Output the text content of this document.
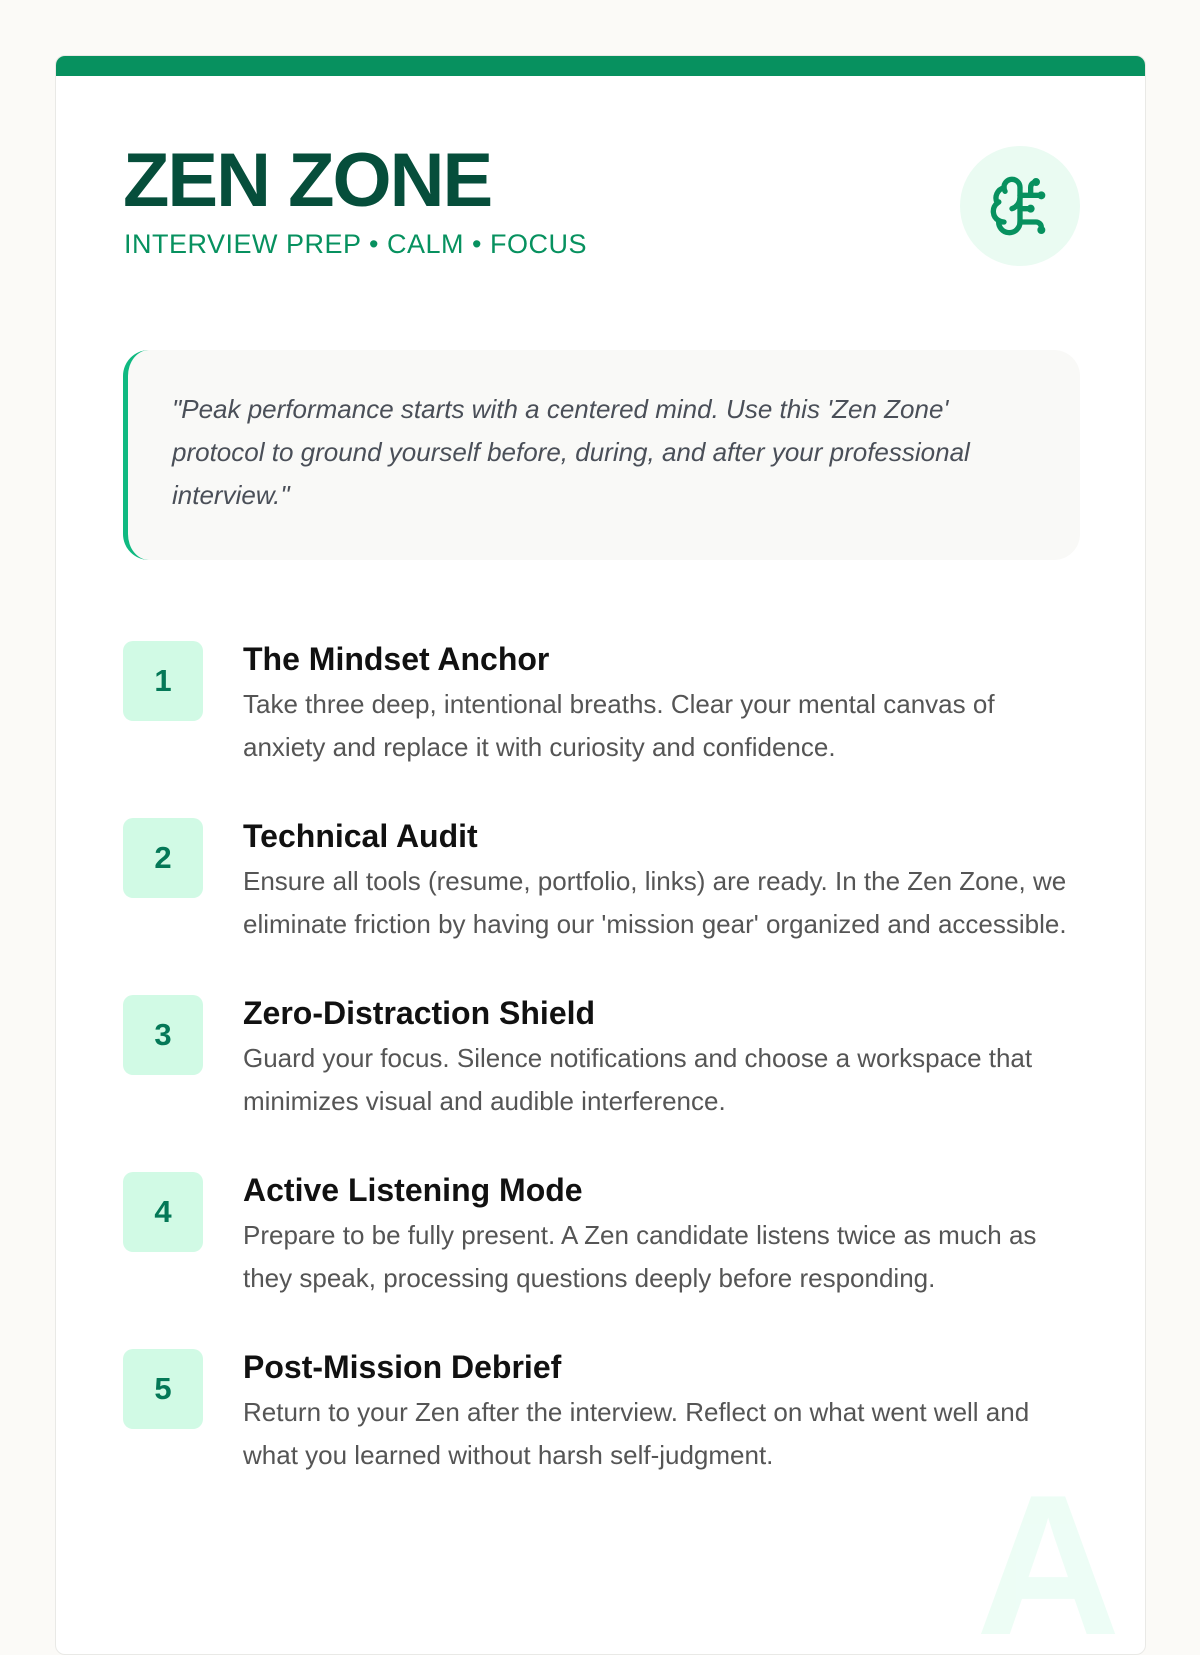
ZEN ZONE

INTERVIEW PREP • CALM • FOCUS

"Peak performance starts with a centered mind. Use this 'Zen Zone' protocol to ground yourself before, during, and after your professional interview."

1
The Mindset Anchor

Take three deep, intentional breaths. Clear your mental canvas of anxiety and replace it with curiosity and confidence.

2
Technical Audit

Ensure all tools (resume, portfolio, links) are ready. In the Zen Zone, we eliminate friction by having our 'mission gear' organized and accessible.

3
Zero-Distraction Shield

Guard your focus. Silence notifications and choose a workspace that minimizes visual and audible interference.

4
Active Listening Mode

Prepare to be fully present. A Zen candidate listens twice as much as they speak, processing questions deeply before responding.

5
Post-Mission Debrief

Return to your Zen after the interview. Reflect on what went well and what you learned without harsh self-judgment.	A
